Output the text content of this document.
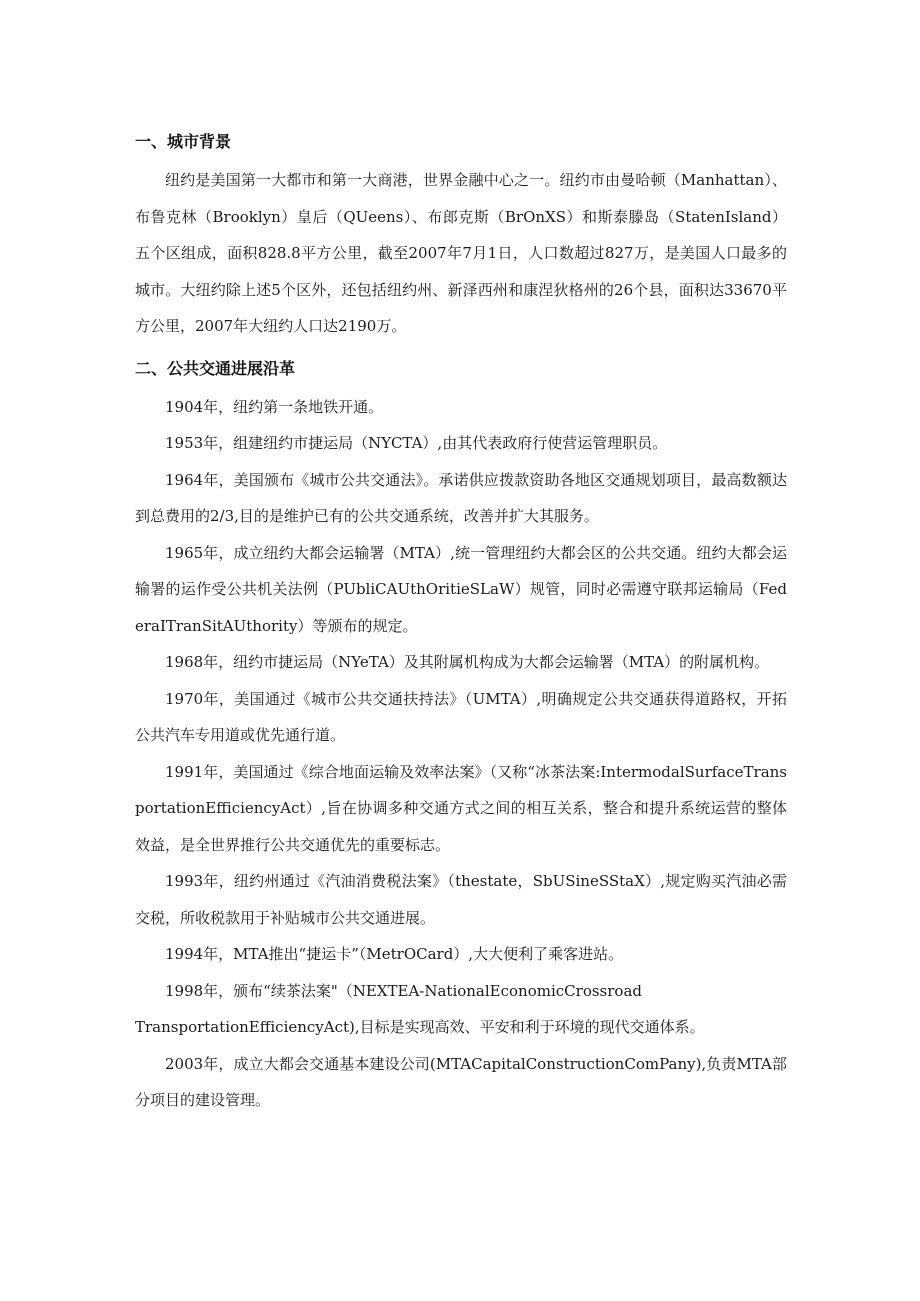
一、城市背景

纽约是美国第一大都市和第一大商港，世界金融中心之一。纽约市由曼哈顿（Manhattan）、布鲁克林（Brooklyn）皇后（QUeens）、布郎克斯（BrOnXS）和斯泰滕岛（StatenIsland）五个区组成，面积828.8平方公里，截至2007年7月1日，人口数超过827万，是美国人口最多的城市。大纽约除上述5个区外，还包括纽约州、新泽西州和康涅狄格州的26个县，面积达33670平方公里，2007年大纽约人口达2190万。

二、公共交通进展沿革

1904年，纽约第一条地铁开通。

1953年，组建纽约市捷运局（NYCTA）,由其代表政府行使营运管理职员。

1964年，美国颁布《城市公共交通法》。承诺供应拨款资助各地区交通规划项目，最高数额达到总费用的2/3,目的是维护已有的公共交通系统，改善并扩大其服务。

1965年，成立纽约大都会运输署（MTA）,统一管理纽约大都会区的公共交通。纽约大都会运输署的运作受公共机关法例（PUbliCAUthOritieSLaW）规管，同时必需遵守联邦运输局（FederaITranSitAUthority）等颁布的规定。

1968年，纽约市捷运局（NYeTA）及其附属机构成为大都会运输署（MTA）的附属机构。

1970年，美国通过《城市公共交通扶持法》（UMTA）,明确规定公共交通获得道路权，开拓公共汽车专用道或优先通行道。

1991年，美国通过《综合地面运输及效率法案》（又称“冰茶法案:IntermodalSurfaceTransportationEfficiencyAct）,旨在协调多种交通方式之间的相互关系，整合和提升系统运营的整体效益，是全世界推行公共交通优先的重要标志。

1993年，纽约州通过《汽油消费税法案》（thestate，SbUSineSStaX）,规定购买汽油必需交税，所收税款用于补贴城市公共交通进展。

1994年，MTA推出“捷运卡”（MetrOCard）,大大便利了乘客进站。

1998年，颁布“续茶法案"（NEXTEA-NationalEconomicCrossroad

TransportationEfficiencyAct),目标是实现高效、平安和利于环境的现代交通体系。

2003年，成立大都会交通基本建设公司(MTACapitalConstructionComPany),负责MTA部分项目的建设管理。
